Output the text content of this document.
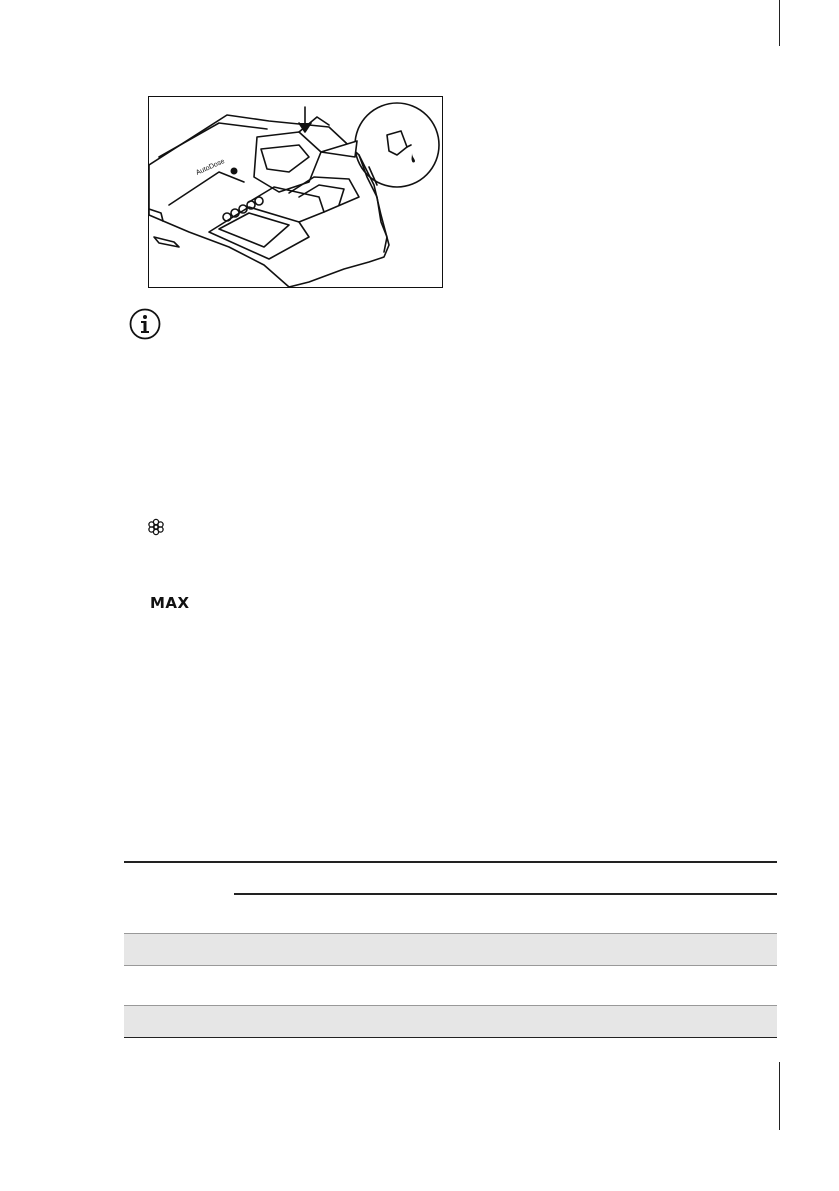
AutoDose
MAX
